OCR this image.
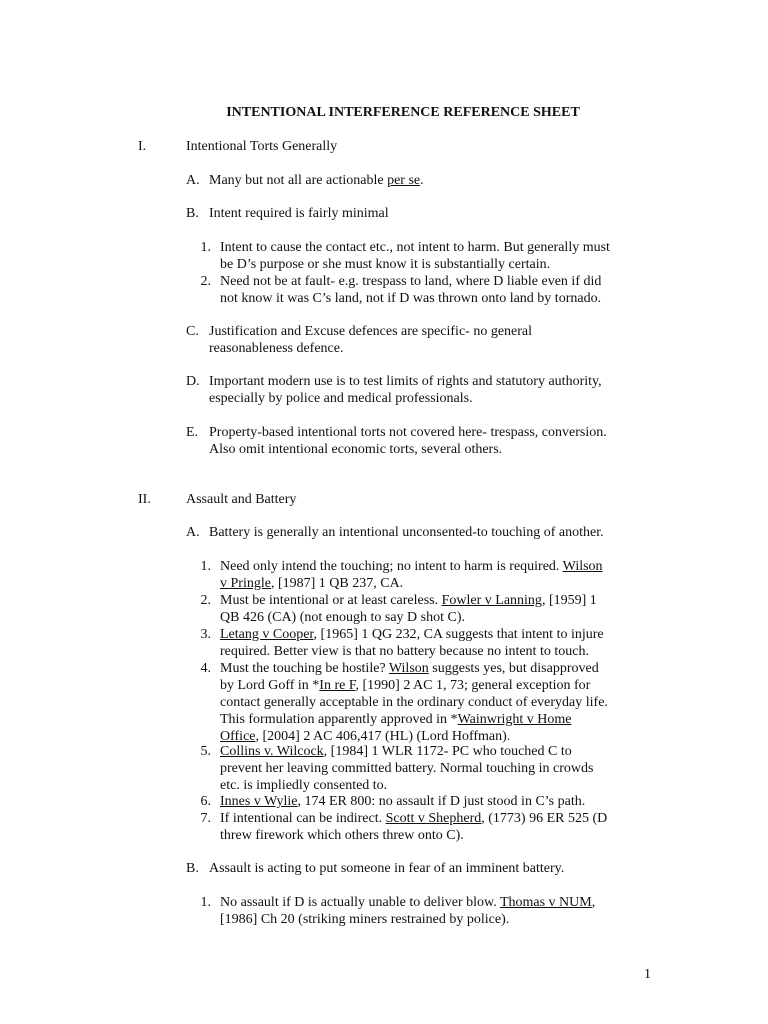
INTENTIONAL INTERFERENCE REFERENCE SHEET
I.	Intentional Torts Generally
A. Many but not all are actionable per se.
B. Intent required is fairly minimal
1. Intent to cause the contact etc., not intent to harm. But generally must
be D’s purpose or she must know it is substantially certain.
2. Need not be at fault- e.g. trespass to land, where D liable even if did
not know it was C’s land, not if D was thrown onto land by tornado.
C. Justification and Excuse defences are specific- no general
reasonableness defence.
D. Important modern use is to test limits of rights and statutory authority,
especially by police and medical professionals.
E. Property-based intentional torts not covered here- trespass, conversion.
Also omit intentional economic torts, several others.
II.	Assault and Battery
A. Battery is generally an intentional unconsented-to touching of another.
1. Need only intend the touching; no intent to harm is required. Wilson
v Pringle, [1987] 1 QB 237, CA.
2. Must be intentional or at least careless. Fowler v Lanning, [1959] 1
QB 426 (CA) (not enough to say D shot C).
3. Letang v Cooper, [1965] 1 QG 232, CA suggests that intent to injure
required. Better view is that no battery because no intent to touch.
4. Must the touching be hostile? Wilson suggests yes, but disapproved
by Lord Goff in *In re F, [1990] 2 AC 1, 73; general exception for
contact generally acceptable in the ordinary conduct of everyday life.
This formulation apparently approved in *Wainwright v Home
Office, [2004] 2 AC 406,417 (HL) (Lord Hoffman).
5. Collins v. Wilcock, [1984] 1 WLR 1172- PC who touched C to
prevent her leaving committed battery. Normal touching in crowds
etc. is impliedly consented to.
6. Innes v Wylie, 174 ER 800: no assault if D just stood in C’s path.
7. If intentional can be indirect. Scott v Shepherd, (1773) 96 ER 525 (D
threw firework which others threw onto C).
B. Assault is acting to put someone in fear of an imminent battery.
1. No assault if D is actually unable to deliver blow. Thomas v NUM,
[1986] Ch 20 (striking miners restrained by police).
1
